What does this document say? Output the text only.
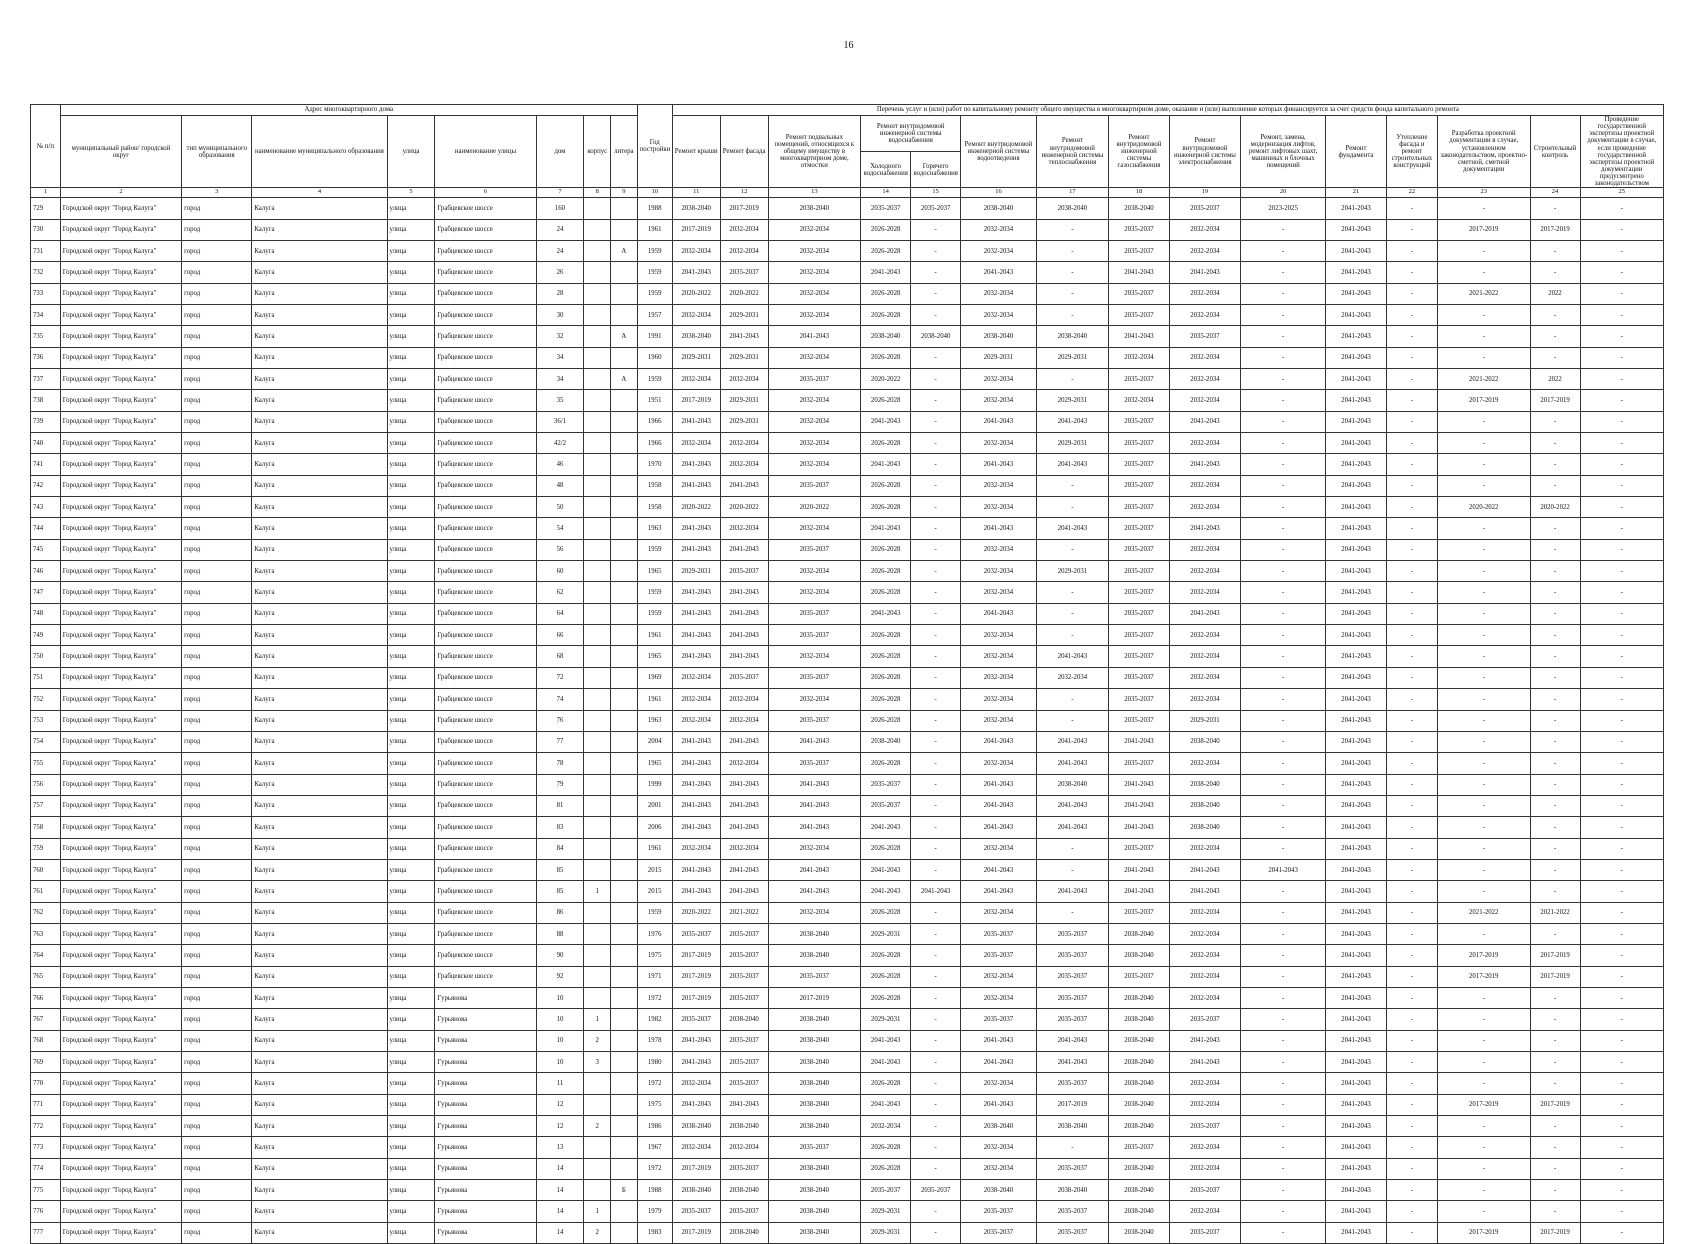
16
№ п/п	Адрес многоквартирного дома								Год постройки	Перечень услуг и (или) работ по капитальному ремонту общего имущества в многоквартирном доме, оказание и (или) выполнение которых финансируется за счет средств фонда капитального ремонта														
	муниципальный район/ городской округ	тип муниципального образования	наименование муниципального образования	улица	наименование улицы	дом	корпус	литера		Ремонт крыши	Ремонт фасада	Ремонт подвальных помещений, относящихся к общему имуществу в многоквартирном доме, отмостки	Ремонт внутридомовой инженерной системы водоснабжения		Ремонт внутридомовой инженерной системы водоотведения	Ремонт внутридомовой инженерной системы теплоснабжения	Ремонт внутридомовой инженерной системы газоснабжения	Ремонт внутридомовой инженерной системы электроснабжения	Ремонт, замена, модернизация лифтов, ремонт лифтовых шахт, машинных и блочных помещений	Ремонт фундамента	Утепление фасада и ремонт строительных конструкций	Разработка проектной документации в случае, установленном законодательством, проектно-сметной, сметной документации	Строительный контроль	Проведение государственной экспертизы проектной документации в случае, если проведение государственной экспертизы проектной документации предусмотрено законодательством
													Холодного водоснабжения	Горячего водоснабжения										
1	2	3	4	5	6	7	8	9	10	11	12	13	14	15	16	17	18	19	20	21	22	23	24	25
729	Городской округ "Город Калуга"	город	Калуга	улица	Грабцевское шоссе	160			1988	2038-2040	2017-2019	2038-2040	2035-2037	2035-2037	2038-2040	2038-2040	2038-2040	2035-2037	2023-2025	2041-2043	-	-	-	-
730	Городской округ "Город Калуга"	город	Калуга	улица	Грабцевское шоссе	24			1961	2017-2019	2032-2034	2032-2034	2026-2028	-	2032-2034	-	2035-2037	2032-2034	-	2041-2043	-	2017-2019	2017-2019	-
731	Городской округ "Город Калуга"	город	Калуга	улица	Грабцевское шоссе	24		А	1959	2032-2034	2032-2034	2032-2034	2026-2028	-	2032-2034	-	2035-2037	2032-2034	-	2041-2043	-	-	-	-
732	Городской округ "Город Калуга"	город	Калуга	улица	Грабцевское шоссе	26			1959	2041-2043	2035-2037	2032-2034	2041-2043	-	2041-2043	-	2041-2043	2041-2043	-	2041-2043	-	-	-	-
733	Городской округ "Город Калуга"	город	Калуга	улица	Грабцевское шоссе	28			1959	2020-2022	2020-2022	2032-2034	2026-2028	-	2032-2034	-	2035-2037	2032-2034	-	2041-2043	-	2021-2022	2022	-
734	Городской округ "Город Калуга"	город	Калуга	улица	Грабцевское шоссе	30			1957	2032-2034	2029-2031	2032-2034	2026-2028	-	2032-2034	-	2035-2037	2032-2034	-	2041-2043	-	-	-	-
735	Городской округ "Город Калуга"	город	Калуга	улица	Грабцевское шоссе	32		А	1991	2038-2040	2041-2043	2041-2043	2038-2040	2038-2040	2038-2040	2038-2040	2041-2043	2035-2037	-	2041-2043	-	-	-	-
736	Городской округ "Город Калуга"	город	Калуга	улица	Грабцевское шоссе	34			1960	2029-2031	2029-2031	2032-2034	2026-2028	-	2029-2031	2029-2031	2032-2034	2032-2034	-	2041-2043	-	-	-	-
737	Городской округ "Город Калуга"	город	Калуга	улица	Грабцевское шоссе	34		А	1959	2032-2034	2032-2034	2035-2037	2020-2022	-	2032-2034	-	2035-2037	2032-2034	-	2041-2043	-	2021-2022	2022	-
738	Городской округ "Город Калуга"	город	Калуга	улица	Грабцевское шоссе	35			1951	2017-2019	2029-2031	2032-2034	2026-2028	-	2032-2034	2029-2031	2032-2034	2032-2034	-	2041-2043	-	2017-2019	2017-2019	-
739	Городской округ "Город Калуга"	город	Калуга	улица	Грабцевское шоссе	36/1			1966	2041-2043	2029-2031	2032-2034	2041-2043	-	2041-2043	2041-2043	2035-2037	2041-2043	-	2041-2043	-	-	-	-
740	Городской округ "Город Калуга"	город	Калуга	улица	Грабцевское шоссе	42/2			1966	2032-2034	2032-2034	2032-2034	2026-2028	-	2032-2034	2029-2031	2035-2037	2032-2034	-	2041-2043	-	-	-	-
741	Городской округ "Город Калуга"	город	Калуга	улица	Грабцевское шоссе	46			1970	2041-2043	2032-2034	2032-2034	2041-2043	-	2041-2043	2041-2043	2035-2037	2041-2043	-	2041-2043	-	-	-	-
742	Городской округ "Город Калуга"	город	Калуга	улица	Грабцевское шоссе	48			1958	2041-2043	2041-2043	2035-2037	2026-2028	-	2032-2034	-	2035-2037	2032-2034	-	2041-2043	-	-	-	-
743	Городской округ "Город Калуга"	город	Калуга	улица	Грабцевское шоссе	50			1958	2020-2022	2020-2022	2020-2022	2026-2028	-	2032-2034	-	2035-2037	2032-2034	-	2041-2043	-	2020-2022	2020-2022	-
744	Городской округ "Город Калуга"	город	Калуга	улица	Грабцевское шоссе	54			1963	2041-2043	2032-2034	2032-2034	2041-2043	-	2041-2043	2041-2043	2035-2037	2041-2043	-	2041-2043	-	-	-	-
745	Городской округ "Город Калуга"	город	Калуга	улица	Грабцевское шоссе	56			1959	2041-2043	2041-2043	2035-2037	2026-2028	-	2032-2034	-	2035-2037	2032-2034	-	2041-2043	-	-	-	-
746	Городской округ "Город Калуга"	город	Калуга	улица	Грабцевское шоссе	60			1965	2029-2031	2035-2037	2032-2034	2026-2028	-	2032-2034	2029-2031	2035-2037	2032-2034	-	2041-2043	-	-	-	-
747	Городской округ "Город Калуга"	город	Калуга	улица	Грабцевское шоссе	62			1959	2041-2043	2041-2043	2032-2034	2026-2028	-	2032-2034	-	2035-2037	2032-2034	-	2041-2043	-	-	-	-
748	Городской округ "Город Калуга"	город	Калуга	улица	Грабцевское шоссе	64			1959	2041-2043	2041-2043	2035-2037	2041-2043	-	2041-2043	-	2035-2037	2041-2043	-	2041-2043	-	-	-	-
749	Городской округ "Город Калуга"	город	Калуга	улица	Грабцевское шоссе	66			1961	2041-2043	2041-2043	2035-2037	2026-2028	-	2032-2034	-	2035-2037	2032-2034	-	2041-2043	-	-	-	-
750	Городской округ "Город Калуга"	город	Калуга	улица	Грабцевское шоссе	68			1965	2041-2043	2041-2043	2032-2034	2026-2028	-	2032-2034	2041-2043	2035-2037	2032-2034	-	2041-2043	-	-	-	-
751	Городской округ "Город Калуга"	город	Калуга	улица	Грабцевское шоссе	72			1969	2032-2034	2035-2037	2035-2037	2026-2028	-	2032-2034	2032-2034	2035-2037	2032-2034	-	2041-2043	-	-	-	-
752	Городской округ "Город Калуга"	город	Калуга	улица	Грабцевское шоссе	74			1961	2032-2034	2032-2034	2032-2034	2026-2028	-	2032-2034	-	2035-2037	2032-2034	-	2041-2043	-	-	-	-
753	Городской округ "Город Калуга"	город	Калуга	улица	Грабцевское шоссе	76			1963	2032-2034	2032-2034	2035-2037	2026-2028	-	2032-2034	-	2035-2037	2029-2031	-	2041-2043	-	-	-	-
754	Городской округ "Город Калуга"	город	Калуга	улица	Грабцевское шоссе	77			2004	2041-2043	2041-2043	2041-2043	2038-2040	-	2041-2043	2041-2043	2041-2043	2038-2040	-	2041-2043	-	-	-	-
755	Городской округ "Город Калуга"	город	Калуга	улица	Грабцевское шоссе	78			1965	2041-2043	2032-2034	2035-2037	2026-2028	-	2032-2034	2041-2043	2035-2037	2032-2034	-	2041-2043	-	-	-	-
756	Городской округ "Город Калуга"	город	Калуга	улица	Грабцевское шоссе	79			1999	2041-2043	2041-2043	2041-2043	2035-2037	-	2041-2043	2038-2040	2041-2043	2038-2040	-	2041-2043	-	-	-	-
757	Городской округ "Город Калуга"	город	Калуга	улица	Грабцевское шоссе	81			2001	2041-2043	2041-2043	2041-2043	2035-2037	-	2041-2043	2041-2043	2041-2043	2038-2040	-	2041-2043	-	-	-	-
758	Городской округ "Город Калуга"	город	Калуга	улица	Грабцевское шоссе	83			2006	2041-2043	2041-2043	2041-2043	2041-2043	-	2041-2043	2041-2043	2041-2043	2038-2040	-	2041-2043	-	-	-	-
759	Городской округ "Город Калуга"	город	Калуга	улица	Грабцевское шоссе	84			1961	2032-2034	2032-2034	2032-2034	2026-2028	-	2032-2034	-	2035-2037	2032-2034	-	2041-2043	-	-	-	-
760	Городской округ "Город Калуга"	город	Калуга	улица	Грабцевское шоссе	85			2015	2041-2043	2041-2043	2041-2043	2041-2043	-	2041-2043	-	2041-2043	2041-2043	2041-2043	2041-2043	-	-	-	-
761	Городской округ "Город Калуга"	город	Калуга	улица	Грабцевское шоссе	85	1		2015	2041-2043	2041-2043	2041-2043	2041-2043	2041-2043	2041-2043	2041-2043	2041-2043	2041-2043	-	2041-2043	-	-	-	-
762	Городской округ "Город Калуга"	город	Калуга	улица	Грабцевское шоссе	86			1959	2020-2022	2021-2022	2032-2034	2026-2028	-	2032-2034	-	2035-2037	2032-2034	-	2041-2043	-	2021-2022	2021-2022	-
763	Городской округ "Город Калуга"	город	Калуга	улица	Грабцевское шоссе	88			1976	2035-2037	2035-2037	2038-2040	2029-2031	-	2035-2037	2035-2037	2038-2040	2032-2034	-	2041-2043	-	-	-	-
764	Городской округ "Город Калуга"	город	Калуга	улица	Грабцевское шоссе	90			1975	2017-2019	2035-2037	2038-2040	2026-2028	-	2035-2037	2035-2037	2038-2040	2032-2034	-	2041-2043	-	2017-2019	2017-2019	-
765	Городской округ "Город Калуга"	город	Калуга	улица	Грабцевское шоссе	92			1971	2017-2019	2035-2037	2035-2037	2026-2028	-	2032-2034	2035-2037	2035-2037	2032-2034	-	2041-2043	-	2017-2019	2017-2019	-
766	Городской округ "Город Калуга"	город	Калуга	улица	Гурьянова	10			1972	2017-2019	2035-2037	2017-2019	2026-2028	-	2032-2034	2035-2037	2038-2040	2032-2034	-	2041-2043	-	-	-	-
767	Городской округ "Город Калуга"	город	Калуга	улица	Гурьянова	10	1		1982	2035-2037	2038-2040	2038-2040	2029-2031	-	2035-2037	2035-2037	2038-2040	2035-2037	-	2041-2043	-	-	-	-
768	Городской округ "Город Калуга"	город	Калуга	улица	Гурьянова	10	2		1978	2041-2043	2035-2037	2038-2040	2041-2043	-	2041-2043	2041-2043	2038-2040	2041-2043	-	2041-2043	-	-	-	-
769	Городской округ "Город Калуга"	город	Калуга	улица	Гурьянова	10	3		1980	2041-2043	2035-2037	2038-2040	2041-2043	-	2041-2043	2041-2043	2038-2040	2041-2043	-	2041-2043	-	-	-	-
770	Городской округ "Город Калуга"	город	Калуга	улица	Гурьянова	11			1972	2032-2034	2035-2037	2038-2040	2026-2028	-	2032-2034	2035-2037	2038-2040	2032-2034	-	2041-2043	-	-	-	-
771	Городской округ "Город Калуга"	город	Калуга	улица	Гурьянова	12			1975	2041-2043	2041-2043	2038-2040	2041-2043	-	2041-2043	2017-2019	2038-2040	2032-2034	-	2041-2043	-	2017-2019	2017-2019	-
772	Городской округ "Город Калуга"	город	Калуга	улица	Гурьянова	12	2		1986	2038-2040	2038-2040	2038-2040	2032-2034	-	2038-2040	2038-2040	2038-2040	2035-2037	-	2041-2043	-	-	-	-
773	Городской округ "Город Калуга"	город	Калуга	улица	Гурьянова	13			1967	2032-2034	2032-2034	2035-2037	2026-2028	-	2032-2034	-	2035-2037	2032-2034	-	2041-2043	-	-	-	-
774	Городской округ "Город Калуга"	город	Калуга	улица	Гурьянова	14			1972	2017-2019	2035-2037	2038-2040	2026-2028	-	2032-2034	2035-2037	2038-2040	2032-2034	-	2041-2043	-	-	-	-
775	Городской округ "Город Калуга"	город	Калуга	улица	Гурьянова	14		Б	1988	2038-2040	2038-2040	2038-2040	2035-2037	2035-2037	2038-2040	2038-2040	2038-2040	2035-2037	-	2041-2043	-	-	-	-
776	Городской округ "Город Калуга"	город	Калуга	улица	Гурьянова	14	1		1979	2035-2037	2035-2037	2038-2040	2029-2031	-	2035-2037	2035-2037	2038-2040	2032-2034	-	2041-2043	-	-	-	-
777	Городской округ "Город Калуга"	город	Калуга	улица	Гурьянова	14	2		1983	2017-2019	2038-2040	2038-2040	2029-2031	-	2035-2037	2035-2037	2038-2040	2035-2037	-	2041-2043	-	2017-2019	2017-2019	-
